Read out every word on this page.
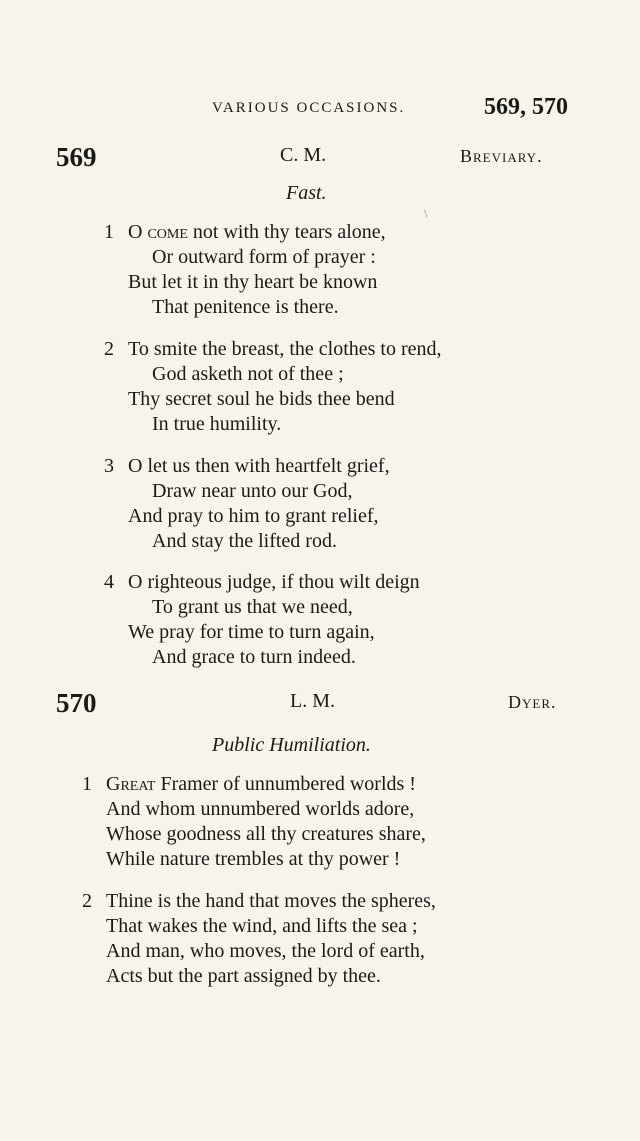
VARIOUS OCCASIONS.	569, 570
569	C. M.	Breviary.
Fast.
1 O come not with thy tears alone,
Or outward form of prayer :
But let it in thy heart be known
That penitence is there.
2 To smite the breast, the clothes to rend,
God asketh not of thee ;
Thy secret soul he bids thee bend
In true humility.
3 O let us then with heartfelt grief,
Draw near unto our God,
And pray to him to grant relief,
And stay the lifted rod.
4 O righteous judge, if thou wilt deign
To grant us that we need,
We pray for time to turn again,
And grace to turn indeed.
570	L. M.	Dyer.
Public Humiliation.
1 Great Framer of unnumbered worlds !
And whom unnumbered worlds adore,
Whose goodness all thy creatures share,
While nature trembles at thy power !
2 Thine is the hand that moves the spheres,
That wakes the wind, and lifts the sea ;
And man, who moves, the lord of earth,
Acts but the part assigned by thee.
\
